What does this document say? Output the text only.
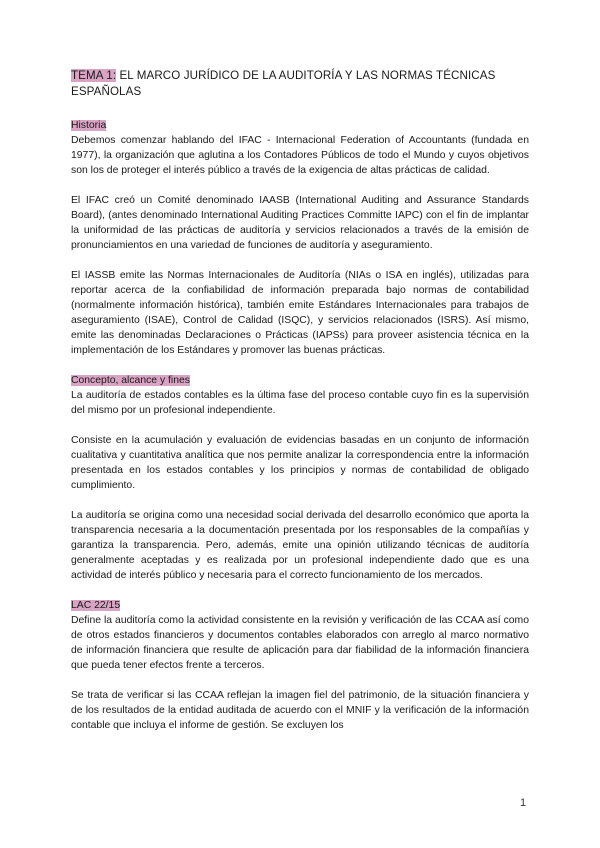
TEMA 1: EL MARCO JURÍDICO DE LA AUDITORÍA Y LAS NORMAS TÉCNICAS ESPAÑOLAS
Historia

Debemos comenzar hablando del IFAC - Internacional Federation of Accountants (fundada en 1977), la organización que aglutina a los Contadores Públicos de todo el Mundo y cuyos objetivos son los de proteger el interés público a través de la exigencia de altas prácticas de calidad.

El IFAC creó un Comité denominado IAASB (International Auditing and Assurance Standards Board), (antes denominado International Auditing Practices Committe IAPC) con el fin de implantar la uniformidad de las prácticas de auditoría y servicios relacionados a través de la emisión de pronunciamientos en una variedad de funciones de auditoría y aseguramiento.

El IASSB emite las Normas Internacionales de Auditoría (NIAs o ISA en inglés), utilizadas para reportar acerca de la confiabilidad de información preparada bajo normas de contabilidad (normalmente información histórica), también emite Estándares Internacionales para trabajos de aseguramiento (ISAE), Control de Calidad (ISQC), y servicios relacionados (ISRS). Así mismo, emite las denominadas Declaraciones o Prácticas (IAPSs) para proveer asistencia técnica en la implementación de los Estándares y promover las buenas prácticas.

Concepto, alcance y fines

La auditoría de estados contables es la última fase del proceso contable cuyo fin es la supervisión del mismo por un profesional independiente.

Consiste en la acumulación y evaluación de evidencias basadas en un conjunto de información cualitativa y cuantitativa analítica que nos permite analizar la correspondencia entre la información presentada en los estados contables y los principios y normas de contabilidad de obligado cumplimiento.

La auditoría se origina como una necesidad social derivada del desarrollo económico que aporta la transparencia necesaria a la documentación presentada por los responsables de la compañías y garantiza la transparencia. Pero, además, emite una opinión utilizando técnicas de auditoría generalmente aceptadas y es realizada por un profesional independiente dado que es una actividad de interés público y necesaria para el correcto funcionamiento de los mercados.

LAC 22/15

Define la auditoría como la actividad consistente en la revisión y verificación de las CCAA así como de otros estados financieros y documentos contables elaborados con arreglo al marco normativo de información financiera que resulte de aplicación para dar fiabilidad de la información financiera que pueda tener efectos frente a terceros.

Se trata de verificar si las CCAA reflejan la imagen fiel del patrimonio, de la situación financiera y de los resultados de la entidad auditada de acuerdo con el MNIF y la verificación de la información contable que incluya el informe de gestión. Se excluyen los

1
